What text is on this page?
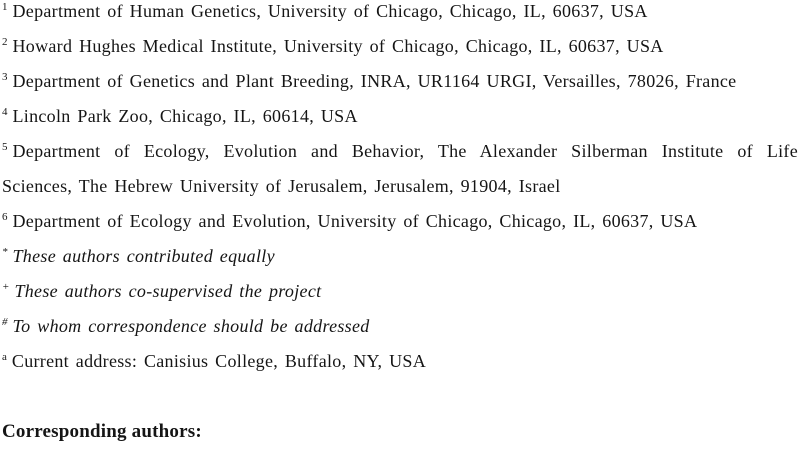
$^1$ Department of Human Genetics, University of Chicago, Chicago, IL, 60637, USA

$^2$ Howard Hughes Medical Institute, University of Chicago, Chicago, IL, 60637, USA

$^3$ Department of Genetics and Plant Breeding, INRA, UR1164 URGI, Versailles, 78026, France

$^4$ Lincoln Park Zoo, Chicago, IL, 60614, USA

$^5$ Department of Ecology, Evolution and Behavior, The Alexander Silberman Institute of Life

Sciences, The Hebrew University of Jerusalem, Jerusalem, 91904, Israel

$^6$ Department of Ecology and Evolution, University of Chicago, Chicago, IL, 60637, USA

* These authors contributed equally

+ These authors co-supervised the project

# To whom correspondence should be addressed

$^a$ Current address: Canisius College, Buffalo, NY, USA

Corresponding authors:
